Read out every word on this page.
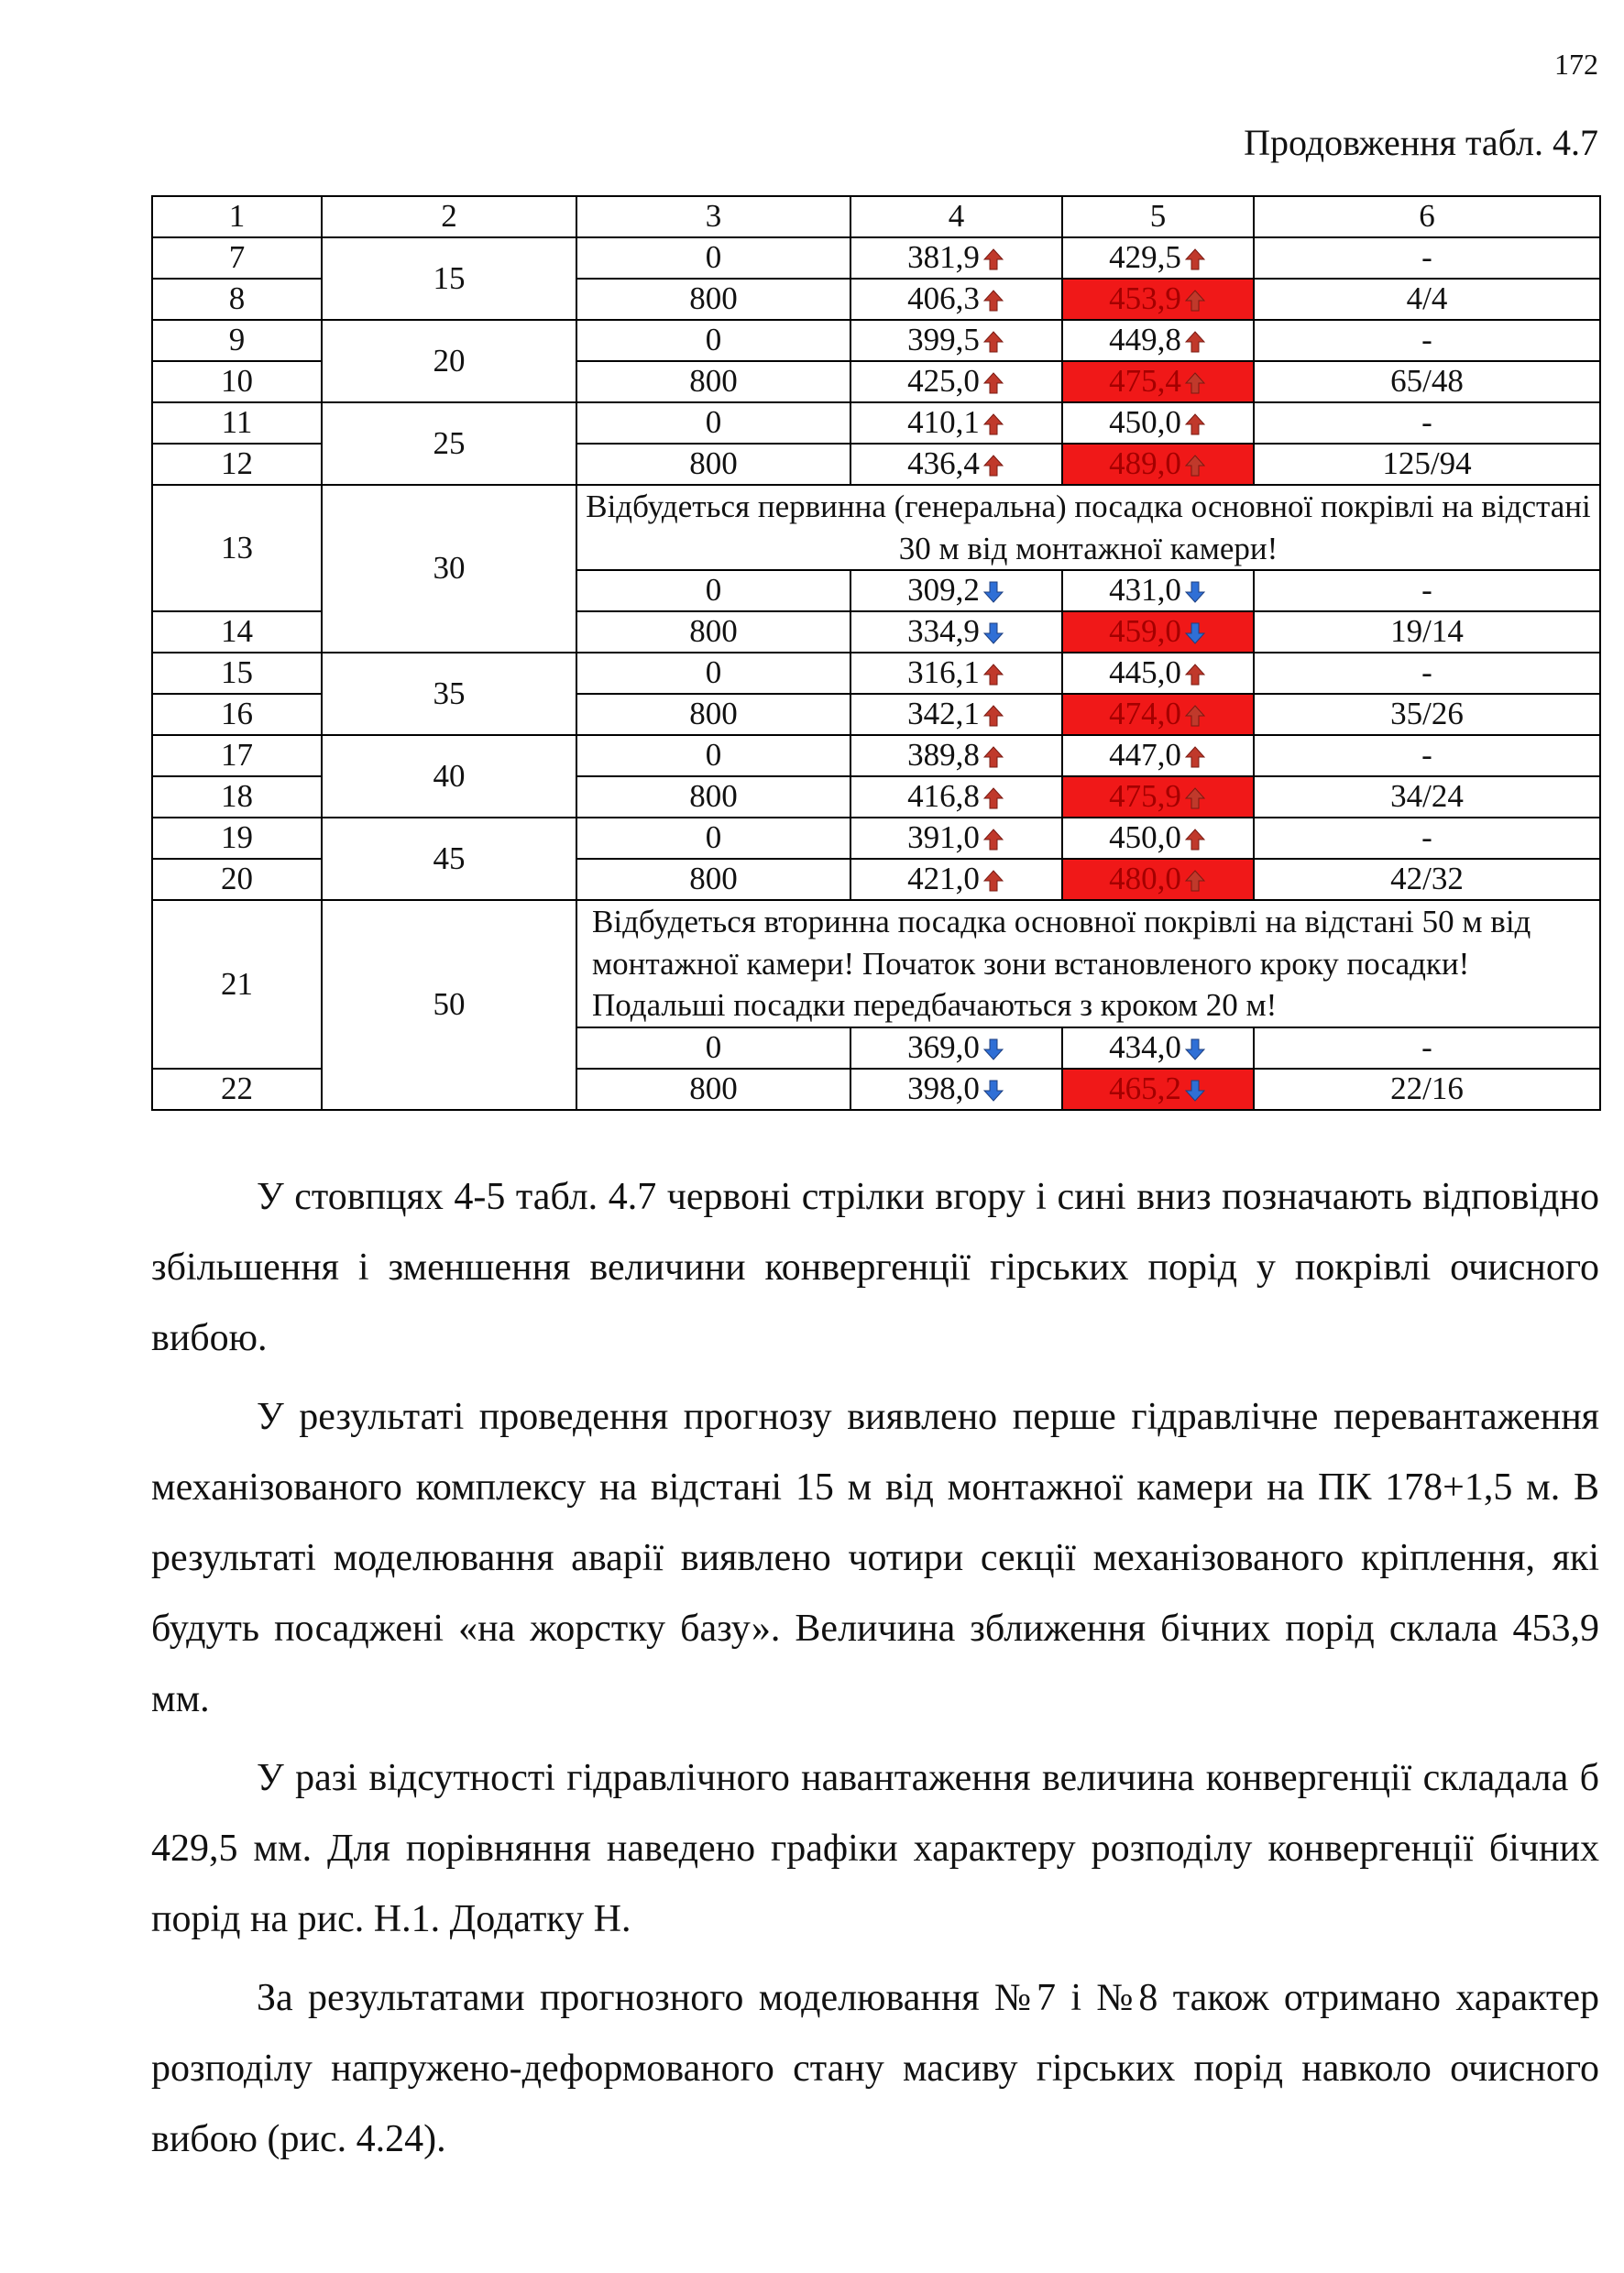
172
Продовження табл. 4.7
1	2	3	4	5	6
7	15	0	381,9	429,5	-
8		800	406,3	453,9	4/4
9	20	0	399,5	449,8	-
10		800	425,0	475,4	65/48
11	25	0	410,1	450,0	-
12		800	436,4	489,0	125/94
13	30	Відбудеться первинна (генеральна) посадка основної покрівлі на відстані 30 м від монтажної камери!			
		0	309,2	431,0	-
14		800	334,9	459,0	19/14
15	35	0	316,1	445,0	-
16		800	342,1	474,0	35/26
17	40	0	389,8	447,0	-
18		800	416,8	475,9	34/24
19	45	0	391,0	450,0	-
20		800	421,0	480,0	42/32
21	50	Відбудеться вторинна посадка основної покрівлі на відстані 50 м від монтажної камери! Початок зони встановленого кроку посадки! Подальші посадки передбачаються з кроком 20 м!			
		0	369,0	434,0	-
22		800	398,0	465,2	22/16

У стовпцях 4-5 табл. 4.7 червоні стрілки вгору і сині вниз позначають відповідно збільшення і зменшення величини конвергенції гірських порід у покрівлі очисного вибою.

У результаті проведення прогнозу виявлено перше гідравлічне перевантаження механізованого комплексу на відстані 15 м від монтажної камери на ПК 178+1,5 м. В результаті моделювання аварії виявлено чотири секції механізованого кріплення, які будуть посаджені «на жорстку базу». Величина зближення бічних порід склала 453,9 мм.

У разі відсутності гідравлічного навантаження величина конвергенції складала б 429,5 мм. Для порівняння наведено графіки характеру розподілу конвергенції бічних порід на рис. Н.1. Додатку Н.

За результатами прогнозного моделювання №7 і №8 також отримано характер розподілу напружено-деформованого стану масиву гірських порід навколо очисного вибою (рис. 4.24).
